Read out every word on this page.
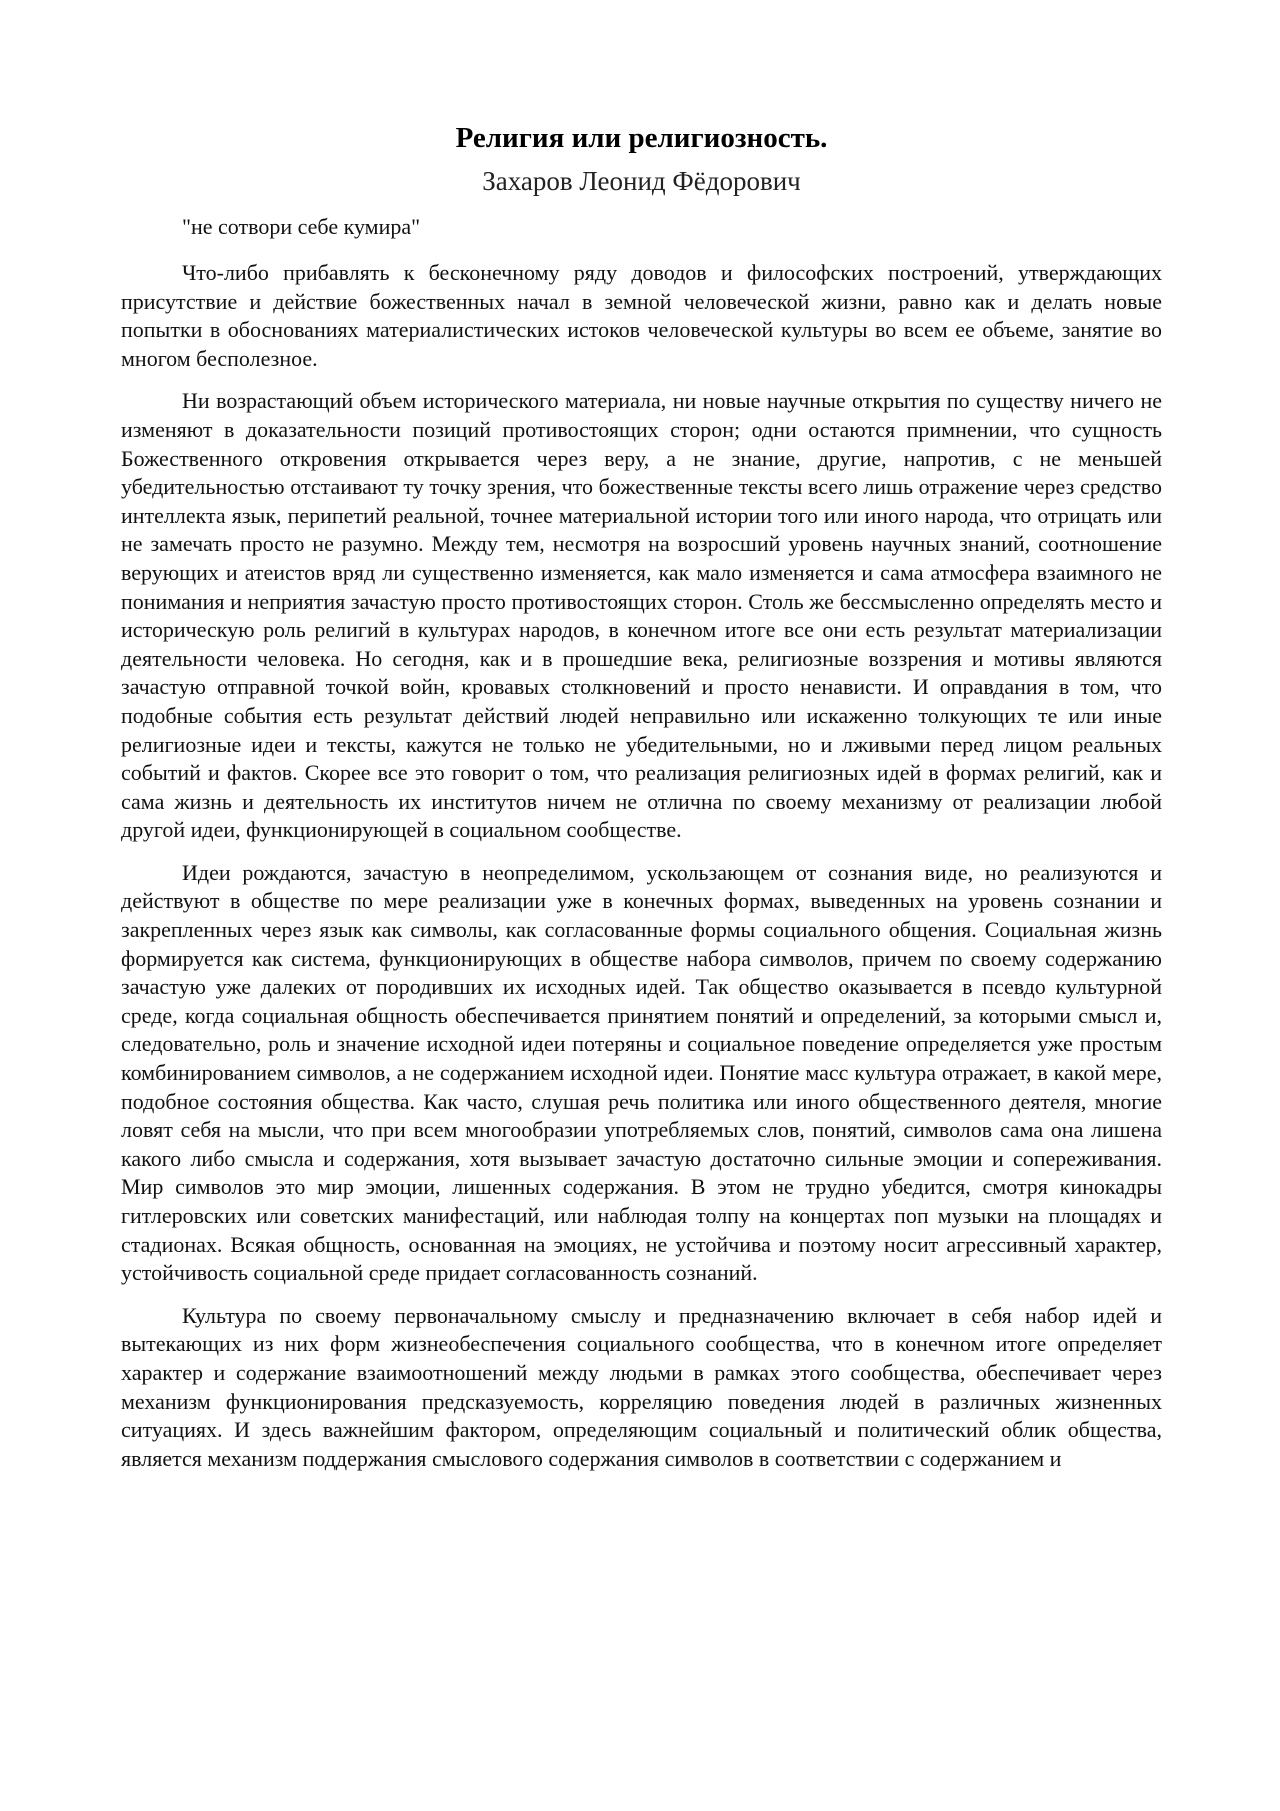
Религия или религиозность.
Захаров Леонид Фёдорович
"не сотвори себе кумира"

Что-либо прибавлять к бесконечному ряду доводов и философских построений, утверждающих присутствие и действие божественных начал в земной человеческой жизни, равно как и делать новые попытки в обоснованиях материалистических истоков человеческой культуры во всем ее объеме, занятие во многом бесполезное.

Ни возрастающий объем исторического материала, ни новые научные открытия по существу ничего не изменяют в доказательности позиций противостоящих сторон; одни остаются примнении, что сущность Божественного откровения открывается через веру, а не знание, другие, напротив, с не меньшей убедительностью отстаивают ту точку зрения, что божественные тексты всего лишь отражение через средство интеллекта язык, перипетий реальной, точнее материальной истории того или иного народа, что отрицать или не замечать просто не разумно. Между тем, несмотря на возросший уровень научных знаний, соотношение верующих и атеистов вряд ли существенно изменяется, как мало изменяется и сама атмосфера взаимного не понимания и неприятия зачастую просто противостоящих сторон. Столь же бессмысленно определять место и историческую роль религий в культурах народов, в конечном итоге все они есть результат материализации деятельности человека. Но сегодня, как и в прошедшие века, религиозные воззрения и мотивы являются зачастую отправной точкой войн, кровавых столкновений и просто ненависти. И оправдания в том, что подобные события есть результат действий людей неправильно или искаженно толкующих те или иные религиозные идеи и тексты, кажутся не только не убедительными, но и лживыми перед лицом реальных событий и фактов. Скорее все это говорит о том, что реализация религиозных идей в формах религий, как и сама жизнь и деятельность их институтов ничем не отлична по своему механизму от реализации любой другой идеи, функционирующей в социальном сообществе.

Идеи рождаются, зачастую в неопределимом, ускользающем от сознания виде, но реализуются и действуют в обществе по мере реализации уже в конечных формах, выведенных на уровень сознании и закрепленных через язык как символы, как согласованные формы социального общения. Социальная жизнь формируется как система, функционирующих в обществе набора символов, причем по своему содержанию зачастую уже далеких от породивших их исходных идей. Так общество оказывается в псевдо культурной среде, когда социальная общность обеспечивается принятием понятий и определений, за которыми смысл и, следовательно, роль и значение исходной идеи потеряны и социальное поведение определяется уже простым комбинированием символов, а не содержанием исходной идеи. Понятие масс культура отражает, в какой мере, подобное состояния общества. Как часто, слушая речь политика или иного общественного деятеля, многие ловят себя на мысли, что при всем многообразии употребляемых слов, понятий, символов сама она лишена какого либо смысла и содержания, хотя вызывает зачастую достаточно сильные эмоции и сопереживания. Мир символов это мир эмоции, лишенных содержания. В этом не трудно убедится, смотря кинокадры гитлеровских или советских манифестаций, или наблюдая толпу на концертах поп музыки на площадях и стадионах. Всякая общность, основанная на эмоциях, не устойчива и поэтому носит агрессивный характер, устойчивость социальной среде придает согласованность сознаний.

Культура по своему первоначальному смыслу и предназначению включает в себя набор идей и вытекающих из них форм жизнеобеспечения социального сообщества, что в конечном итоге определяет характер и содержание взаимоотношений между людьми в рамках этого сообщества, обеспечивает через механизм функционирования предсказуемость, корреляцию поведения людей в различных жизненных ситуациях. И здесь важнейшим фактором, определяющим социальный и политический облик общества, является механизм поддержания смыслового содержания символов в соответствии с содержанием и
